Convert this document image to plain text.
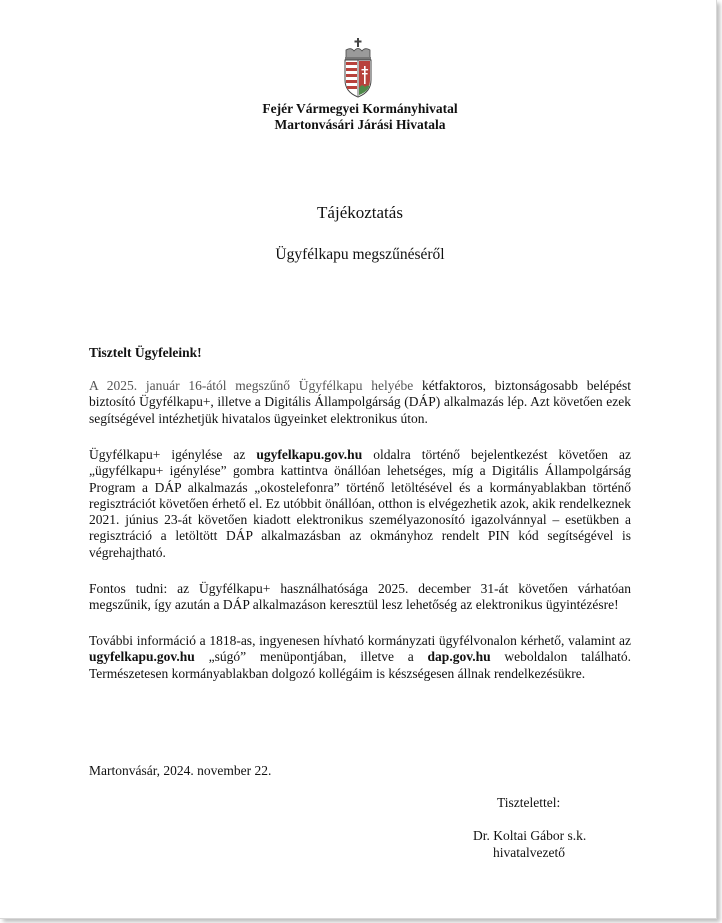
Fejér Vármegyei Kormányhivatal
Martonvásári Járási Hivatala
Tájékoztatás
Ügyfélkapu megszűnéséről
Tisztelt Ügyfeleink!
A 2025. január 16-ától megszűnő Ügyfélkapu helyébe kétfaktoros, biztonságosabb belépést biztosító Ügyfélkapu+, illetve a Digitális Állampolgárság (DÁP) alkalmazás lép. Azt követően ezek segítségével intézhetjük hivatalos ügyeinket elektronikus úton.
Ügyfélkapu+ igénylése az ugyfelkapu.gov.hu oldalra történő bejelentkezést követően az „ügyfélkapu+ igénylése” gombra kattintva önállóan lehetséges, míg a Digitális Állampolgárság Program a DÁP alkalmazás „okostelefonra” történő letöltésével és a kormányablakban történő regisztrációt követően érhető el. Ez utóbbit önállóan, otthon is elvégezhetik azok, akik rendelkeznek 2021. június 23-át követően kiadott elektronikus személyazonosító igazolvánnyal – esetükben a regisztráció a letöltött DÁP alkalmazásban az okmányhoz rendelt PIN kód segítségével is végrehajtható.
Fontos tudni: az Ügyfélkapu+ használhatósága 2025. december 31-át követően várhatóan megszűnik, így azután a DÁP alkalmazáson keresztül lesz lehetőség az elektronikus ügyintézésre!
További információ a 1818-as, ingyenesen hívható kormányzati ügyfélvonalon kérhető, valamint az ugyfelkapu.gov.hu „súgó” menüpontjában, illetve a dap.gov.hu weboldalon található. Természetesen kormányablakban dolgozó kollégáim is készségesen állnak rendelkezésükre.
Martonvásár, 2024. november 22.
Tisztelettel:
Dr. Koltai Gábor s.k.
hivatalvezető
